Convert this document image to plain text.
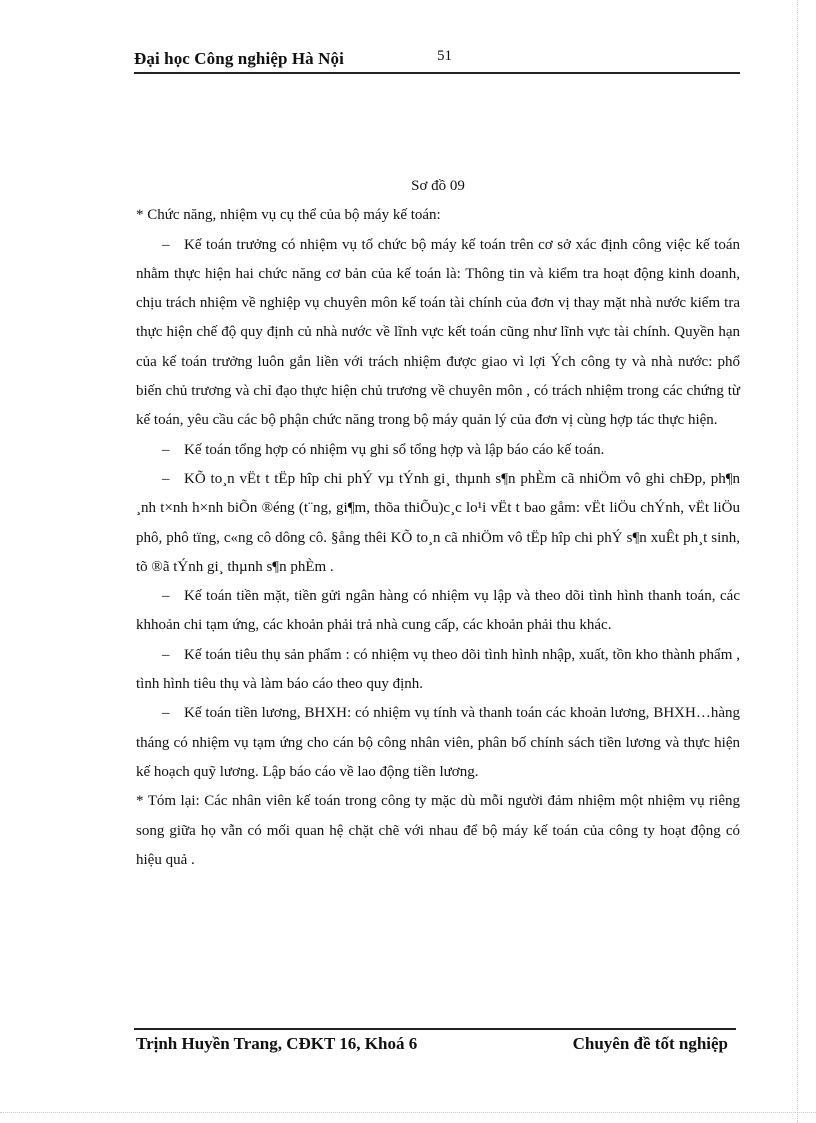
Đại học Công nghiệp Hà Nội	51

Sơ đồ 09

* Chức năng, nhiệm vụ cụ thể của bộ máy kế toán:

– Kế toán trưởng có nhiệm vụ tổ chức bộ máy kế toán trên cơ sở xác định công việc kế toán nhằm thực hiện hai chức năng cơ bản của kế toán là: Thông tin và kiểm tra hoạt động kinh doanh, chịu trách nhiệm về nghiệp vụ chuyên môn kế toán tài chính của đơn vị thay mặt nhà nước kiểm tra thực hiện chế độ quy định củ nhà nước về lĩnh vực kết toán cũng như lĩnh vực tài chính. Quyền hạn của kế toán trưởng luôn gắn liền với trách nhiệm được giao vì lợi Ých công ty và nhà nước: phổ biến chủ trương và chỉ đạo thực hiện chủ trương về chuyên môn , có trách nhiệm trong các chứng từ kế toán, yêu cầu các bộ phận chức năng trong bộ máy quản lý của đơn vị cùng hợp tác thực hiện.

– Kế toán tổng hợp có nhiệm vụ ghi sổ tổng hợp và lập báo cáo kế toán.

– KÕ to¸n vËt t tËp hîp chi phÝ vµ tÝnh gi¸ thµnh s¶n phÈm cã nhiÖm vô ghi chÐp, ph¶n ¸nh t×nh h×nh biÕn ®éng (t¨ng, gi¶m, thõa thiÕu)c¸c lo¹i vËt t bao gåm: vËt liÖu chÝnh, vËt liÖu phô, phô tïng, c«ng cô dông cô. §ång thêi KÕ to¸n cã nhiÖm vô tËp hîp chi phÝ s¶n xuÊt ph¸t sinh, tõ ®ã tÝnh gi¸ thµnh s¶n phÈm .

– Kế toán tiền mặt, tiền gửi ngân hàng có nhiệm vụ lập và theo dõi tình hình thanh toán, các khhoản chi tạm ứng, các khoản phải trả nhà cung cấp, các khoản phải thu khác.

– Kế toán tiêu thụ sản phẩm : có nhiệm vụ theo dõi tình hình nhập, xuất, tồn kho thành phẩm , tình hình tiêu thụ và làm báo cáo theo quy định.

– Kế toán tiền lương, BHXH: có nhiệm vụ tính và thanh toán các khoản lương, BHXH…hàng tháng có nhiệm vụ tạm ứng cho cán bộ công nhân viên, phân bố chính sách tiền lương và thực hiện kế hoạch quỹ lương. Lập báo cáo về lao động tiền lương.

* Tóm lại: Các nhân viên kế toán trong công ty mặc dù mỗi người đảm nhiệm một nhiệm vụ riêng song giữa họ vẫn có mối quan hệ chặt chẽ với nhau để bộ máy kế toán của công ty hoạt động có hiệu quả .

Trịnh Huyền Trang, CĐKT 16, Khoá 6	Chuyên đề tốt nghiệp
